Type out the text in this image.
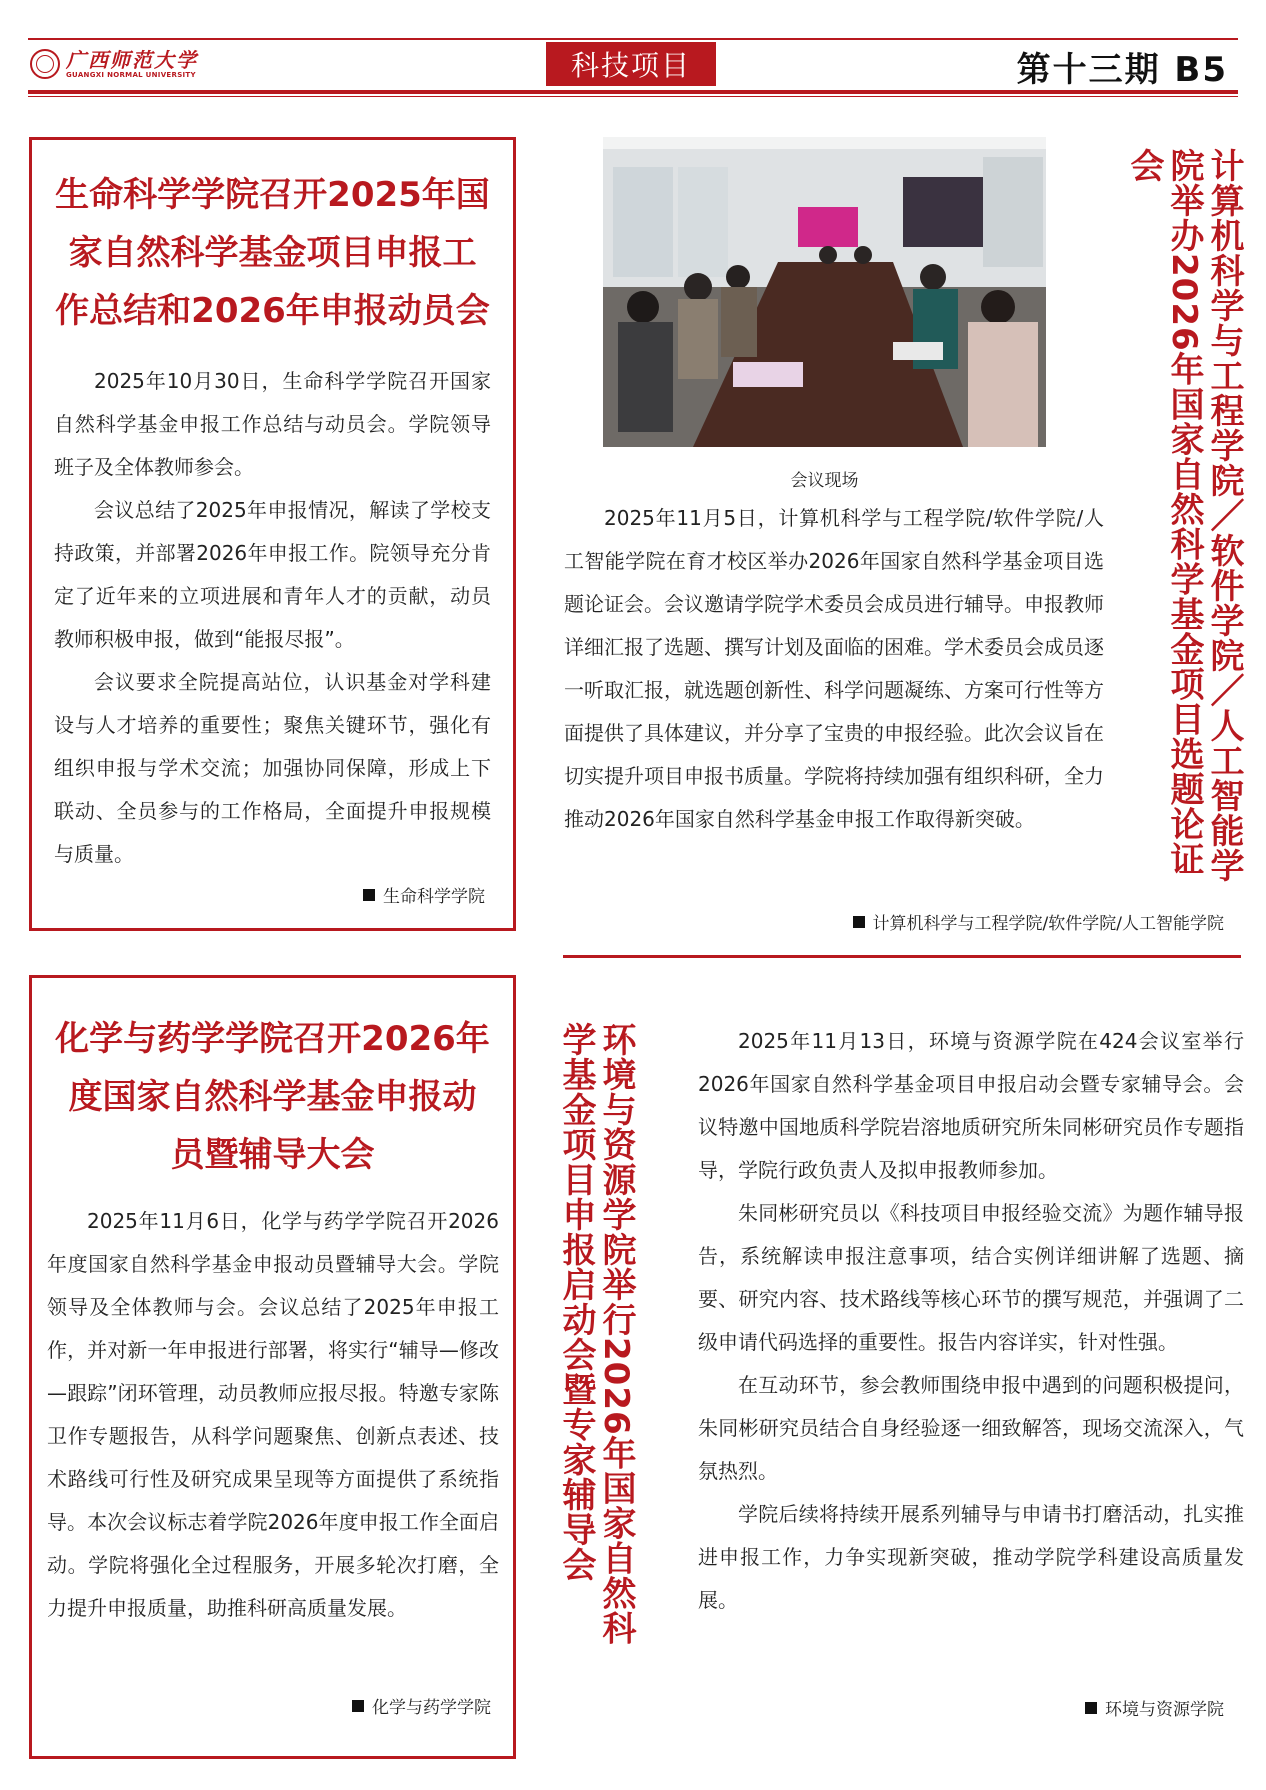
广西师范大学
GUANGXI NORMAL UNIVERSITY	科技项目	第十三期 B5
生命科学学院召开2025年国家自然科学基金项目申报工作总结和2026年申报动员会

2025年10月30日，生命科学学院召开国家自然科学基金申报工作总结与动员会。学院领导班子及全体教师参会。

会议总结了2025年申报情况，解读了学校支持政策，并部署2026年申报工作。院领导充分肯定了近年来的立项进展和青年人才的贡献，动员教师积极申报，做到“能报尽报”。

会议要求全院提高站位，认识基金对学科建设与人才培养的重要性；聚焦关键环节，强化有组织申报与学术交流；加强协同保障，形成上下联动、全员参与的工作格局，全面提升申报规模与质量。

生命科学学院
会议现场	计算机科学与工程学院／软件学院／人工智能学院举办2026年国家自然科学基金项目选题论证会

2025年11月5日，计算机科学与工程学院/软件学院/人工智能学院在育才校区举办2026年国家自然科学基金项目选题论证会。会议邀请学院学术委员会成员进行辅导。申报教师详细汇报了选题、撰写计划及面临的困难。学术委员会成员逐一听取汇报，就选题创新性、科学问题凝练、方案可行性等方面提供了具体建议，并分享了宝贵的申报经验。此次会议旨在切实提升项目申报书质量。学院将持续加强有组织科研，全力推动2026年国家自然科学基金申报工作取得新突破。

计算机科学与工程学院/软件学院/人工智能学院
化学与药学学院召开2026年度国家自然科学基金申报动员暨辅导大会

2025年11月6日，化学与药学学院召开2026年度国家自然科学基金申报动员暨辅导大会。学院领导及全体教师与会。会议总结了2025年申报工作，并对新一年申报进行部署，将实行“辅导—修改—跟踪”闭环管理，动员教师应报尽报。特邀专家陈卫作专题报告，从科学问题聚焦、创新点表述、技术路线可行性及研究成果呈现等方面提供了系统指导。本次会议标志着学院2026年度申报工作全面启动。学院将强化全过程服务，开展多轮次打磨，全力提升申报质量，助推科研高质量发展。

化学与药学学院
环境与资源学院举行2026年国家自然科学基金项目申报启动会暨专家辅导会	2025年11月13日，环境与资源学院在424会议室举行2026年国家自然科学基金项目申报启动会暨专家辅导会。会议特邀中国地质科学院岩溶地质研究所朱同彬研究员作专题指导，学院行政负责人及拟申报教师参加。

朱同彬研究员以《科技项目申报经验交流》为题作辅导报告，系统解读申报注意事项，结合实例详细讲解了选题、摘要、研究内容、技术路线等核心环节的撰写规范，并强调了二级申请代码选择的重要性。报告内容详实，针对性强。

在互动环节，参会教师围绕申报中遇到的问题积极提问，朱同彬研究员结合自身经验逐一细致解答，现场交流深入，气氛热烈。

学院后续将持续开展系列辅导与申请书打磨活动，扎实推进申报工作，力争实现新突破，推动学院学科建设高质量发展。

环境与资源学院
